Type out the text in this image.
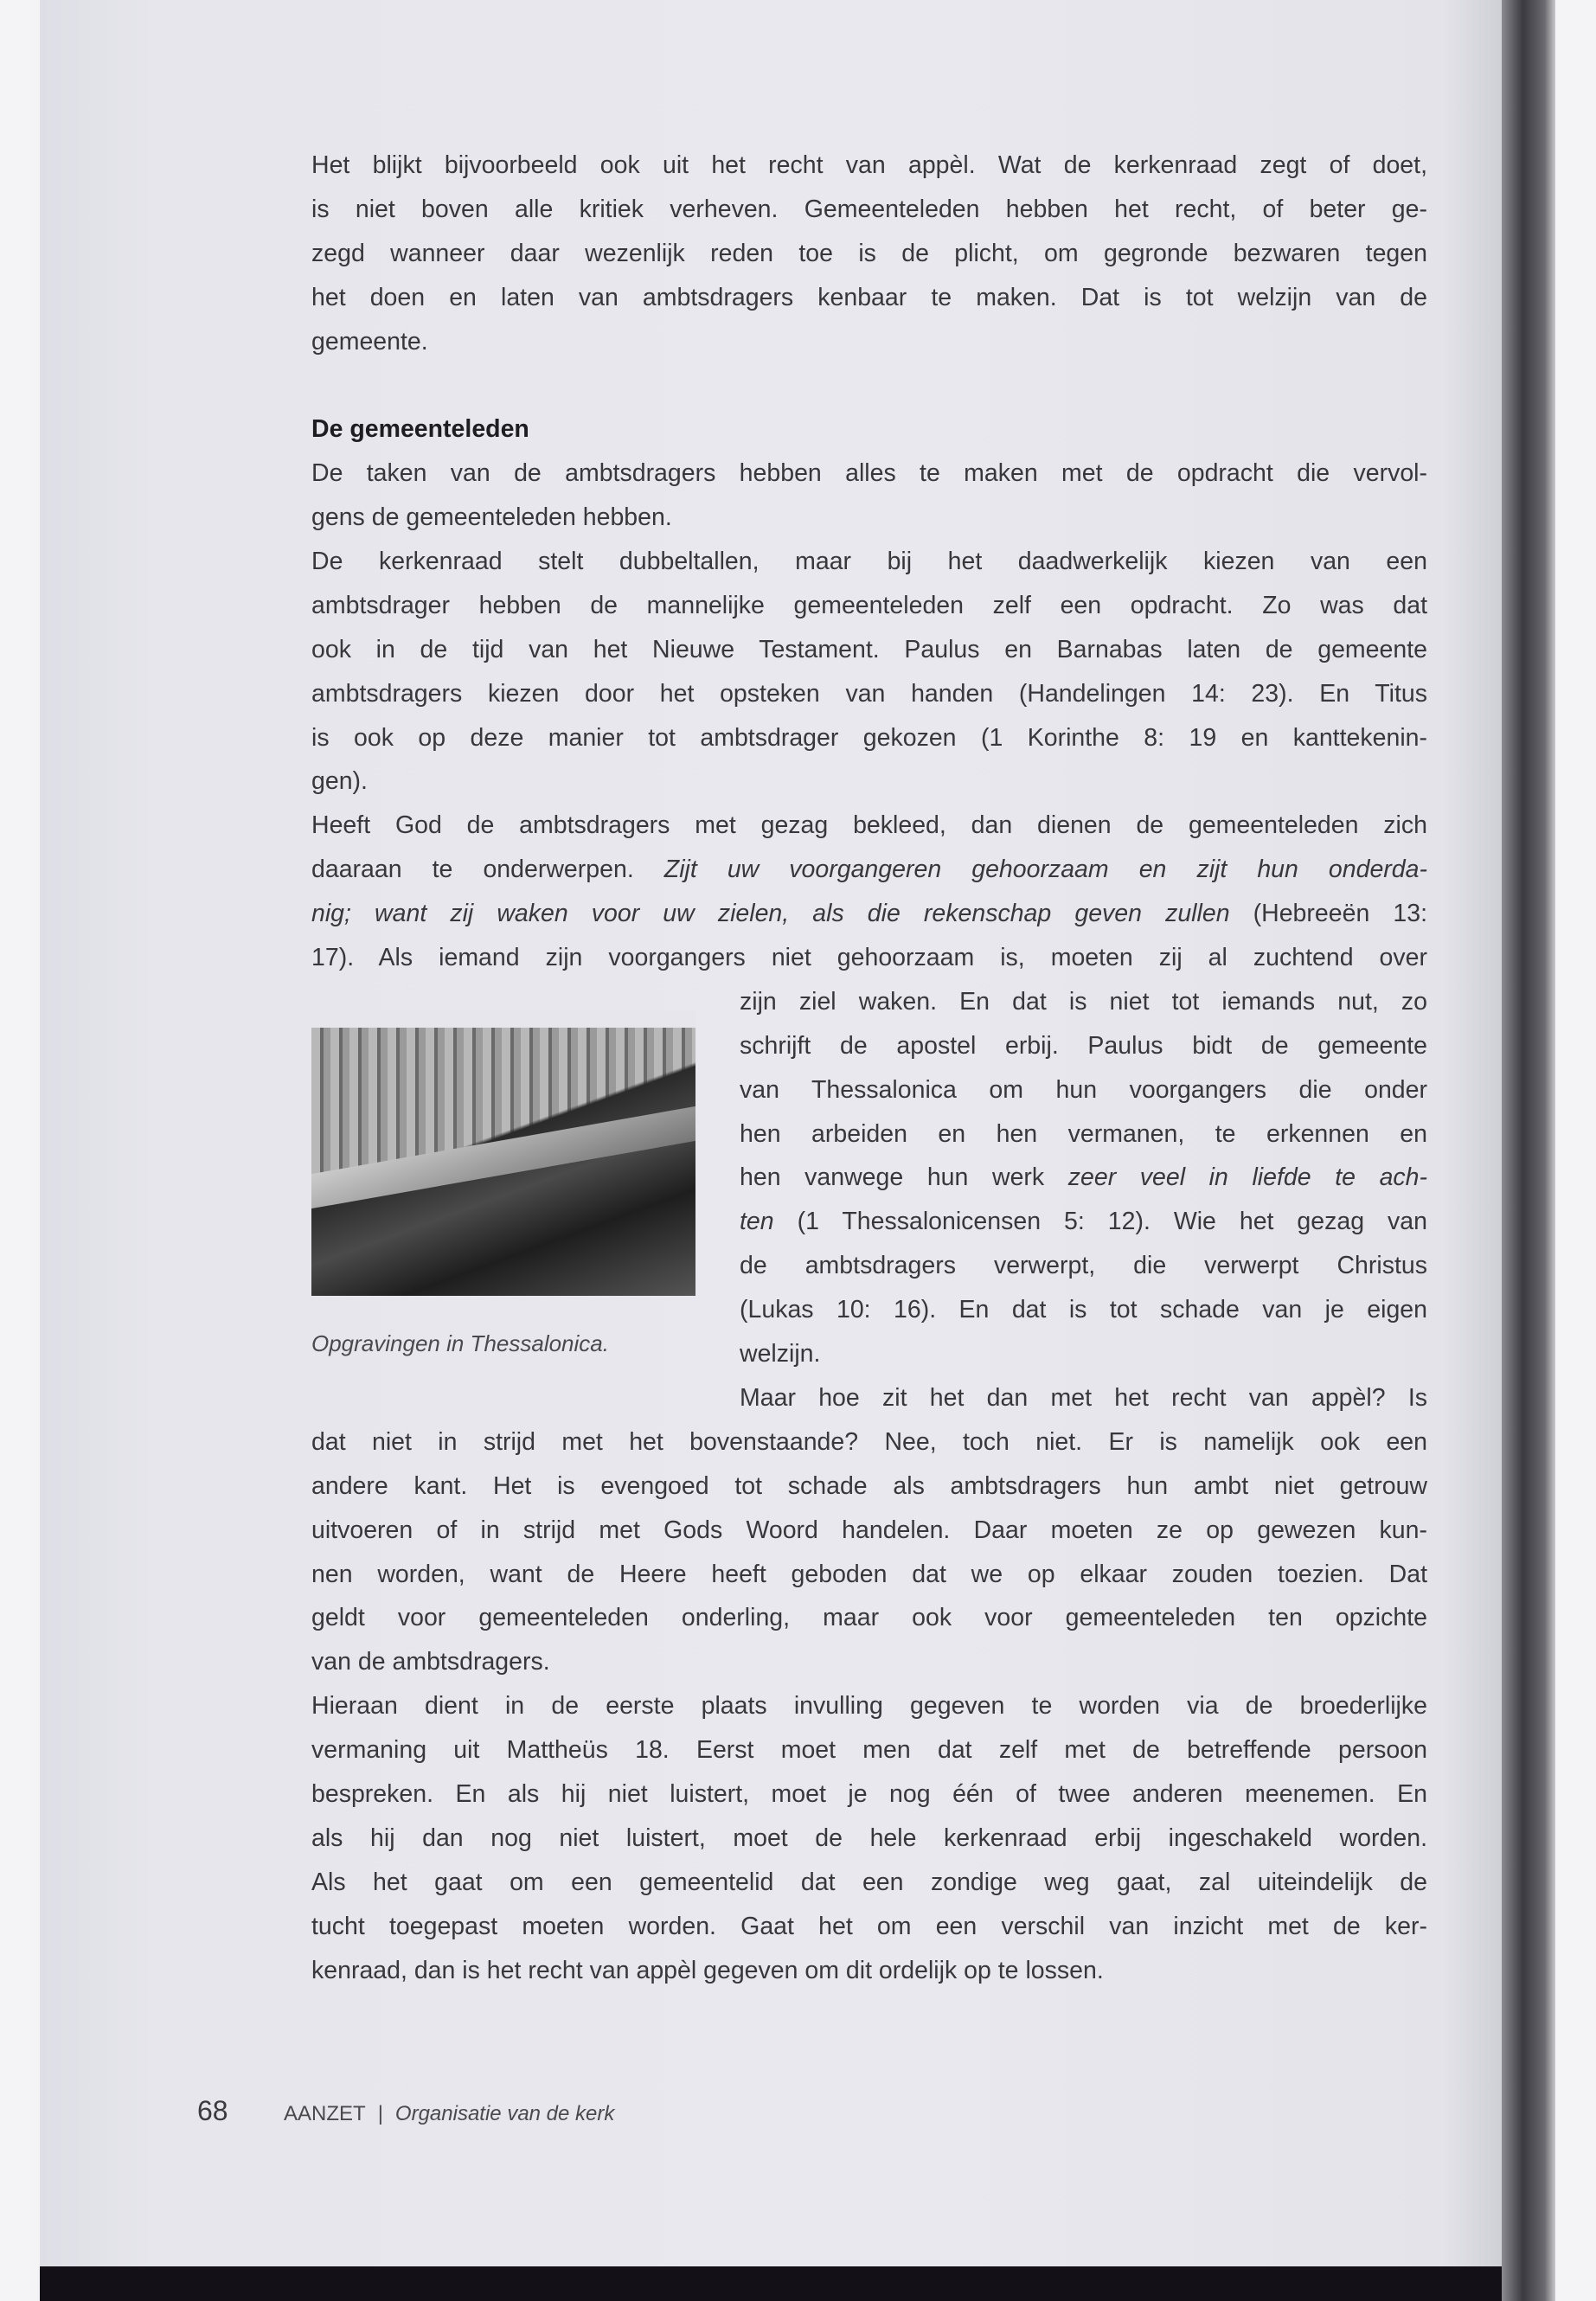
Het blijkt bijvoorbeeld ook uit het recht van appèl. Wat de kerkenraad zegt of doet,
is niet boven alle kritiek verheven. Gemeenteleden hebben het recht, of beter ge-
zegd wanneer daar wezenlijk reden toe is de plicht, om gegronde bezwaren tegen
het doen en laten van ambtsdragers kenbaar te maken. Dat is tot welzijn van de
gemeente.

De gemeenteleden
De taken van de ambtsdragers hebben alles te maken met de opdracht die vervol-
gens de gemeenteleden hebben.
De kerkenraad stelt dubbeltallen, maar bij het daadwerkelijk kiezen van een
ambtsdrager hebben de mannelijke gemeenteleden zelf een opdracht. Zo was dat
ook in de tijd van het Nieuwe Testament. Paulus en Barnabas laten de gemeente
ambtsdragers kiezen door het opsteken van handen (Handelingen 14: 23). En Titus
is ook op deze manier tot ambtsdrager gekozen (1 Korinthe 8: 19 en kanttekenin-
gen).
Heeft God de ambtsdragers met gezag bekleed, dan dienen de gemeenteleden zich
daaraan te onderwerpen. Zijt uw voorgangeren gehoorzaam en zijt hun onderda-
nig; want zij waken voor uw zielen, als die rekenschap geven zullen (Hebreeën 13:
17). Als iemand zijn voorgangers niet gehoorzaam is, moeten zij al zuchtend over
zijn ziel waken. En dat is niet tot iemands nut, zo
schrijft de apostel erbij. Paulus bidt de gemeente
van Thessalonica om hun voorgangers die onder
hen arbeiden en hen vermanen, te erkennen en
hen vanwege hun werk zeer veel in liefde te ach-
ten (1 Thessalonicensen 5: 12). Wie het gezag van
de ambtsdragers verwerpt, die verwerpt Christus
(Lukas 10: 16). En dat is tot schade van je eigen
welzijn.
Maar hoe zit het dan met het recht van appèl? Is
dat niet in strijd met het bovenstaande? Nee, toch niet. Er is namelijk ook een
andere kant. Het is evengoed tot schade als ambtsdragers hun ambt niet getrouw
uitvoeren of in strijd met Gods Woord handelen. Daar moeten ze op gewezen kun-
nen worden, want de Heere heeft geboden dat we op elkaar zouden toezien. Dat
geldt voor gemeenteleden onderling, maar ook voor gemeenteleden ten opzichte
van de ambtsdragers.
Hieraan dient in de eerste plaats invulling gegeven te worden via de broederlijke
vermaning uit Mattheüs 18. Eerst moet men dat zelf met de betreffende persoon
bespreken. En als hij niet luistert, moet je nog één of twee anderen meenemen. En
als hij dan nog niet luistert, moet de hele kerkenraad erbij ingeschakeld worden.
Als het gaat om een gemeentelid dat een zondige weg gaat, zal uiteindelijk de
tucht toegepast moeten worden. Gaat het om een verschil van inzicht met de ker-
kenraad, dan is het recht van appèl gegeven om dit ordelijk op te lossen.
Opgravingen in Thessalonica.
68	AANZET | Organisatie van de kerk
